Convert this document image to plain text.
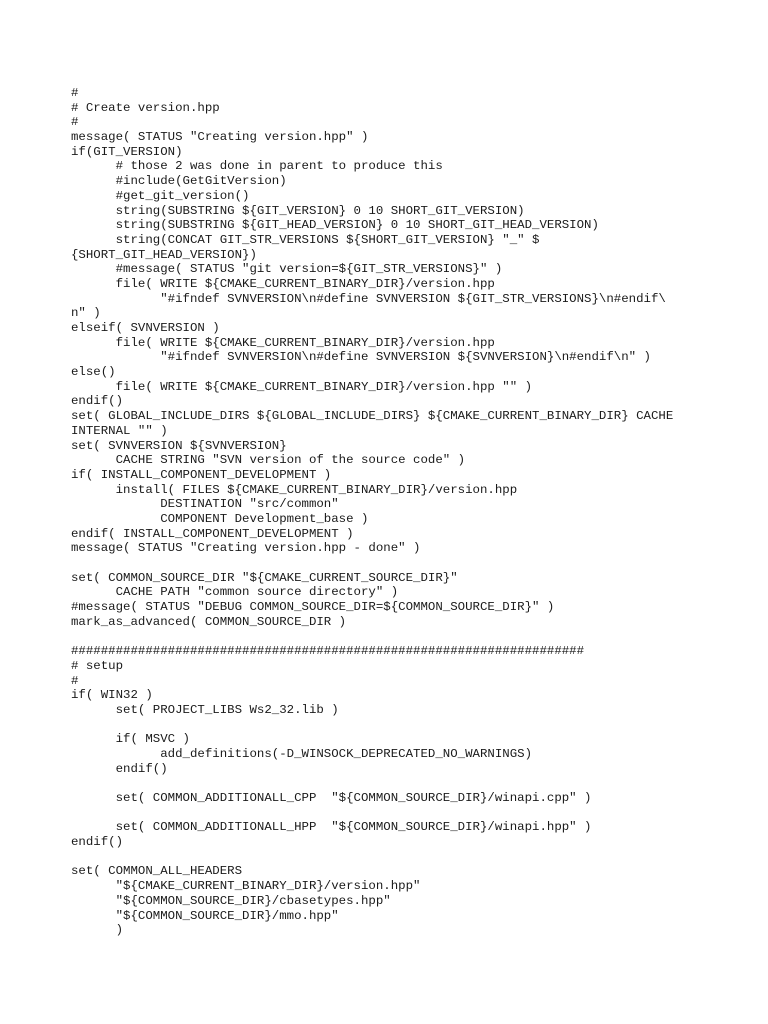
#
# Create version.hpp
#
message( STATUS "Creating version.hpp" )
if(GIT_VERSION)
# those 2 was done in parent to produce this
#include(GetGitVersion)
#get_git_version()
string(SUBSTRING ${GIT_VERSION} 0 10 SHORT_GIT_VERSION)
string(SUBSTRING ${GIT_HEAD_VERSION} 0 10 SHORT_GIT_HEAD_VERSION)
string(CONCAT GIT_STR_VERSIONS ${SHORT_GIT_VERSION} "_" $
{SHORT_GIT_HEAD_VERSION})
#message( STATUS "git version=${GIT_STR_VERSIONS}" )
file( WRITE ${CMAKE_CURRENT_BINARY_DIR}/version.hpp
"#ifndef SVNVERSION\n#define SVNVERSION ${GIT_STR_VERSIONS}\n#endif\
n" )
elseif( SVNVERSION )
file( WRITE ${CMAKE_CURRENT_BINARY_DIR}/version.hpp
"#ifndef SVNVERSION\n#define SVNVERSION ${SVNVERSION}\n#endif\n" )
else()
file( WRITE ${CMAKE_CURRENT_BINARY_DIR}/version.hpp "" )
endif()
set( GLOBAL_INCLUDE_DIRS ${GLOBAL_INCLUDE_DIRS} ${CMAKE_CURRENT_BINARY_DIR} CACHE
INTERNAL "" )
set( SVNVERSION ${SVNVERSION}
CACHE STRING "SVN version of the source code" )
if( INSTALL_COMPONENT_DEVELOPMENT )
install( FILES ${CMAKE_CURRENT_BINARY_DIR}/version.hpp
DESTINATION "src/common"
COMPONENT Development_base )
endif( INSTALL_COMPONENT_DEVELOPMENT )
message( STATUS "Creating version.hpp - done" )
set( COMMON_SOURCE_DIR "${CMAKE_CURRENT_SOURCE_DIR}"
CACHE PATH "common source directory" )
#message( STATUS "DEBUG COMMON_SOURCE_DIR=${COMMON_SOURCE_DIR}" )
mark_as_advanced( COMMON_SOURCE_DIR )
#####################################################################
# setup
#
if( WIN32 )
set( PROJECT_LIBS Ws2_32.lib )
if( MSVC )
add_definitions(-D_WINSOCK_DEPRECATED_NO_WARNINGS)
endif()
set( COMMON_ADDITIONALL_CPP  "${COMMON_SOURCE_DIR}/winapi.cpp" )
set( COMMON_ADDITIONALL_HPP  "${COMMON_SOURCE_DIR}/winapi.hpp" )
endif()
set( COMMON_ALL_HEADERS
"${CMAKE_CURRENT_BINARY_DIR}/version.hpp"
"${COMMON_SOURCE_DIR}/cbasetypes.hpp"
"${COMMON_SOURCE_DIR}/mmo.hpp"
)
